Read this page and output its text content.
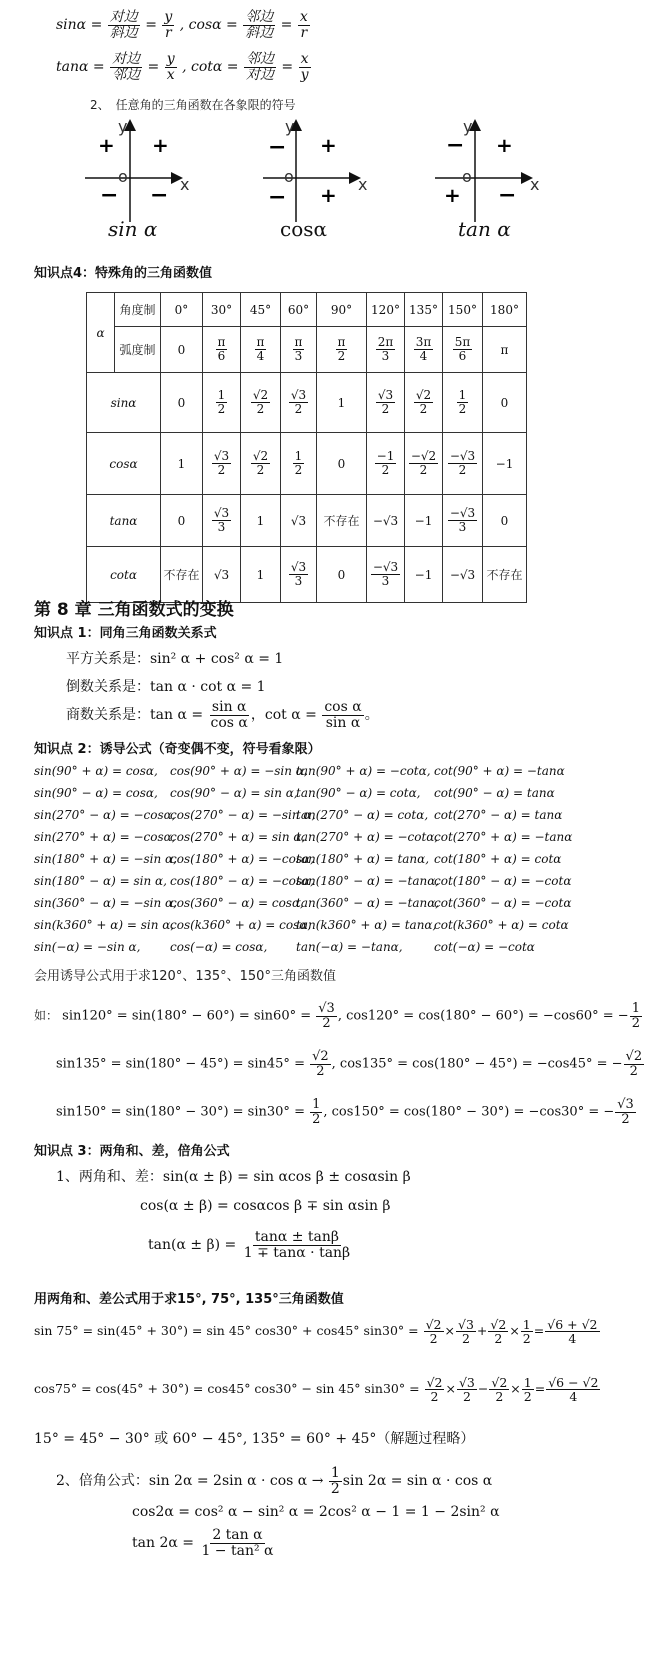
$\sin\alpha = \frac{\text{对边}}{\text{斜边}} = \frac{y}{r}$ , $\cos\alpha = \frac{\text{邻边}}{\text{斜边}} = \frac{x}{r}$
$\tan\alpha = \frac{\text{对边}}{\text{邻边}} = \frac{y}{x}$ , $\cot\alpha = \frac{\text{邻边}}{\text{对边}} = \frac{x}{y}$
2、　任意角的三角函数在各象限的符号
y
x
o
+ +
− −
sin α
y
x
o
− +
− +
cosα
y
x
o
− +
+ −
tan α
知识点4：特殊角的三角函数值
α	角度制	0°	30°	45°	60°	90°	120°	135°	150°	180°
	弧度制	0	$\frac{\pi}{6}$	$\frac{\pi}{4}$	$\frac{\pi}{3}$	$\frac{\pi}{2}$	$\frac{2\pi}{3}$	$\frac{3\pi}{4}$	$\frac{5\pi}{6}$	π
sinα		0	$\frac{1}{2}$	$\frac{√2}{2}$	$\frac{√3}{2}$	1	$\frac{√3}{2}$	$\frac{√2}{2}$	$\frac{1}{2}$	0
cosα		1	$\frac{√3}{2}$	$\frac{√2}{2}$	$\frac{1}{2}$	0	$\frac{-1}{2}$	$\frac{-√2}{2}$	$\frac{-√3}{2}$	−1
tanα		0	$\frac{√3}{3}$	1	√3	不存在	−√3	−1	$\frac{-√3}{3}$	0
cotα		不存在	√3	1	$\frac{√3}{3}$	0	$\frac{-√3}{3}$	−1	−√3	不存在
第 8 章 三角函数式的变换
知识点 1：同角三角函数关系式
平方关系是：sin² α + cos² α = 1
倒数关系是：tan α · cot α = 1
商数关系是：$\tan \alpha = \frac{\text{sin α}}{\text{cos α}}$ ，$\cot \alpha = \frac{\text{cos α}}{\text{sin α}}$ 。
知识点 2：诱导公式（奇变偶不变，符号看象限）
sin(90° + α) = cosα, cos(90° + α) = −sin α,
tan(90° + α) = −cotα, cot(90° + α) = −tanα
sin(90° − α) = cosα, cos(90° − α) = sin α,
tan(90° − α) = cotα, cot(90° − α) = tanα
sin(270° − α) = −cosα,
cos(270° − α) = −sin α,
tan(270° − α) = cotα, cot(270° − α) = tanα
sin(270° + α) = −cosα,
cos(270° + α) = sin α,
tan(270° + α) = −cotα,
cot(270° + α) = −tanα
sin(180° + α) = −sin α,
cos(180° + α) = −cosα,
tan(180° + α) = tanα, cot(180° + α) = cotα
sin(180° − α) = sin α, cos(180° − α) = −cosα,
tan(180° − α) = −tanα,
cot(180° − α) = −cotα
sin(360° − α) = −sin α,
cos(360° − α) = cosα,
tan(360° − α) = −tanα,
cot(360° − α) = −cotα
sin(k360° + α) = sin α,
cos(k360° + α) = cosα,
tan(k360° + α) = tanα,
cot(k360° + α) = cotα
sin(−α) = −sin α, cos(−α) = cosα, tan(−α) = −tanα,	cot(−α) = −cotα
会用诱导公式用于求120°、135°、150°三角函数值
如： $\sin 120^\circ = \sin(180^\circ - 60^\circ) = \sin 60^\circ = \frac{√3}{2}$ , cos120° = cos(180° − 60°) = −cos60° = − $\frac{1}{2}$
$\sin 135^\circ = \sin(180^\circ - 45^\circ) = \sin 45^\circ = \frac{√2}{2}$ , cos135° = cos(180° − 45°) = −cos45° = − $\frac{√2}{2}$
$\sin 150^\circ = \sin(180^\circ - 30^\circ) = \sin 30^\circ = \frac{1}{2}$ , cos150° = cos(180° − 30°) = −cos30° = − $\frac{√3}{2}$
知识点 3：两角和、差，倍角公式
1、两角和、差：sin(α ± β) = sin αcos β ± cosαsin β
cos(α ± β) = cosαcos β ∓ sin αsin β
$\tan(\alpha \pm \beta) = \frac{\tan\alpha \pm \tan\beta}{1 \mp \tan\alpha \cdot \tan\beta}$
用两角和、差公式用于求15°, 75°, 135°三角函数值
sin 75° = sin(45° + 30°) = sin 45° cos30° + cos45° $\sin 30^\circ = \frac{√2}{2} \times \frac{√3}{2} + \frac{√2}{2} \times \frac{1}{2} = \frac{√6 + √2}{4}$
cos75° = cos(45° + 30°) = cos45° cos30° − sin 45° $\sin 30^\circ = \frac{√2}{2} \times \frac{√3}{2} - \frac{√2}{2} \times \frac{1}{2} = \frac{√6 - √2}{4}$
15° = 45° − 30° 或 60° − 45°, 135° = 60° + 45°（解题过程略）
2、倍角公式：sin 2α = 2sin $\alpha \cdot \cos \alpha \to \frac{1}{2}$ sin 2α = sin α · cos α
cos2α = cos² α − sin² α = 2cos² α − 1 = 1 − 2sin² α
$\tan 2\alpha = \frac{\text{2 tan α}}{\text{1 − tan² α}}$
